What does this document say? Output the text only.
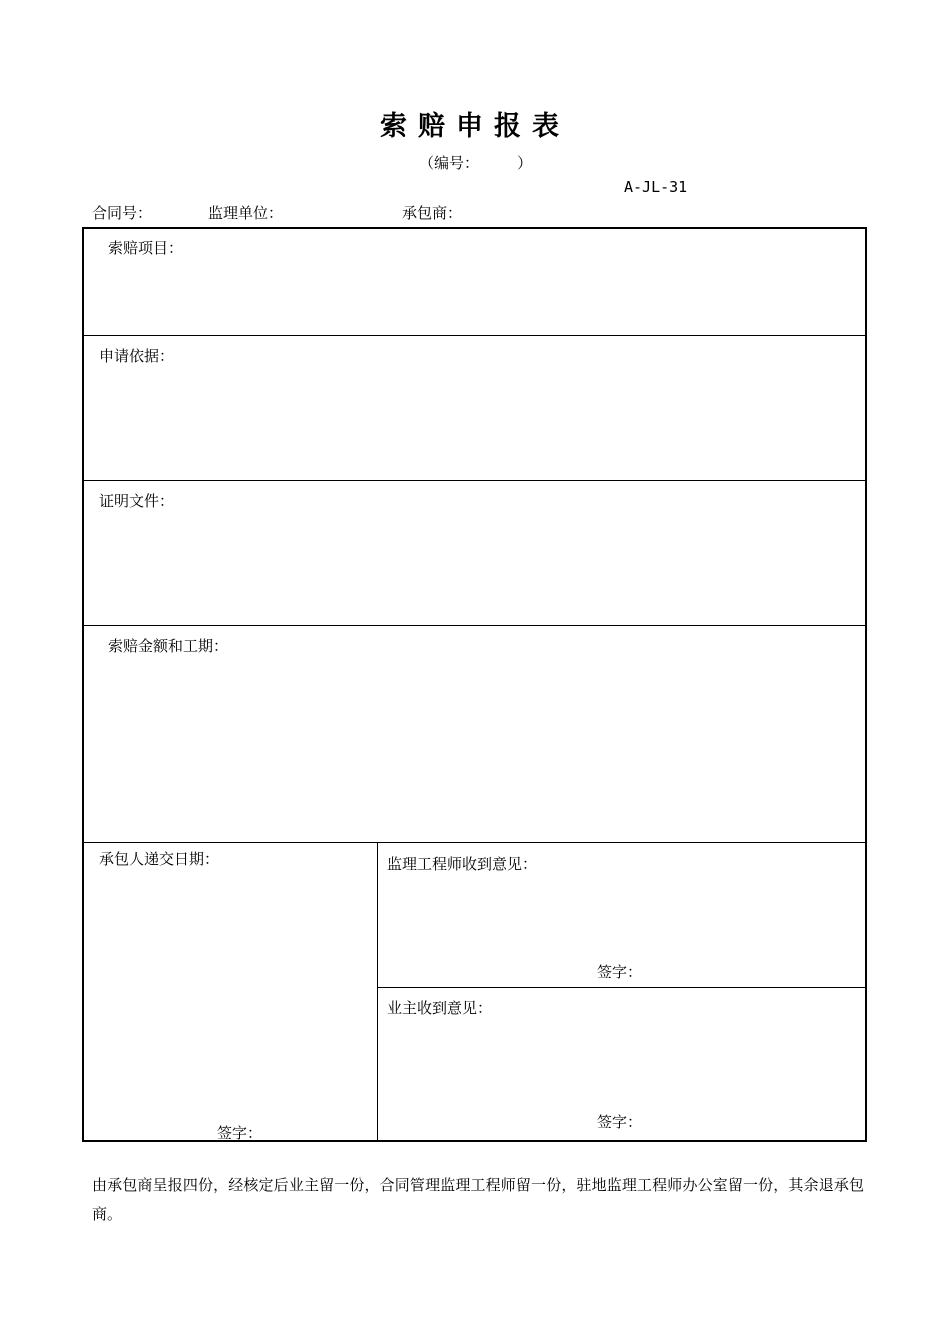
索赔申报表
（编号：        ）
A-JL-31
合同号：	监理单位：	承包商：
索赔项目：
申请依据：
证明文件：
索赔金额和工期：
承包人递交日期：
签字：
监理工程师收到意见：
签字：
业主收到意见：
签字：
由承包商呈报四份，经核定后业主留一份，合同管理监理工程师留一份，驻地监理工程师办公室留一份，其余退承包商。
